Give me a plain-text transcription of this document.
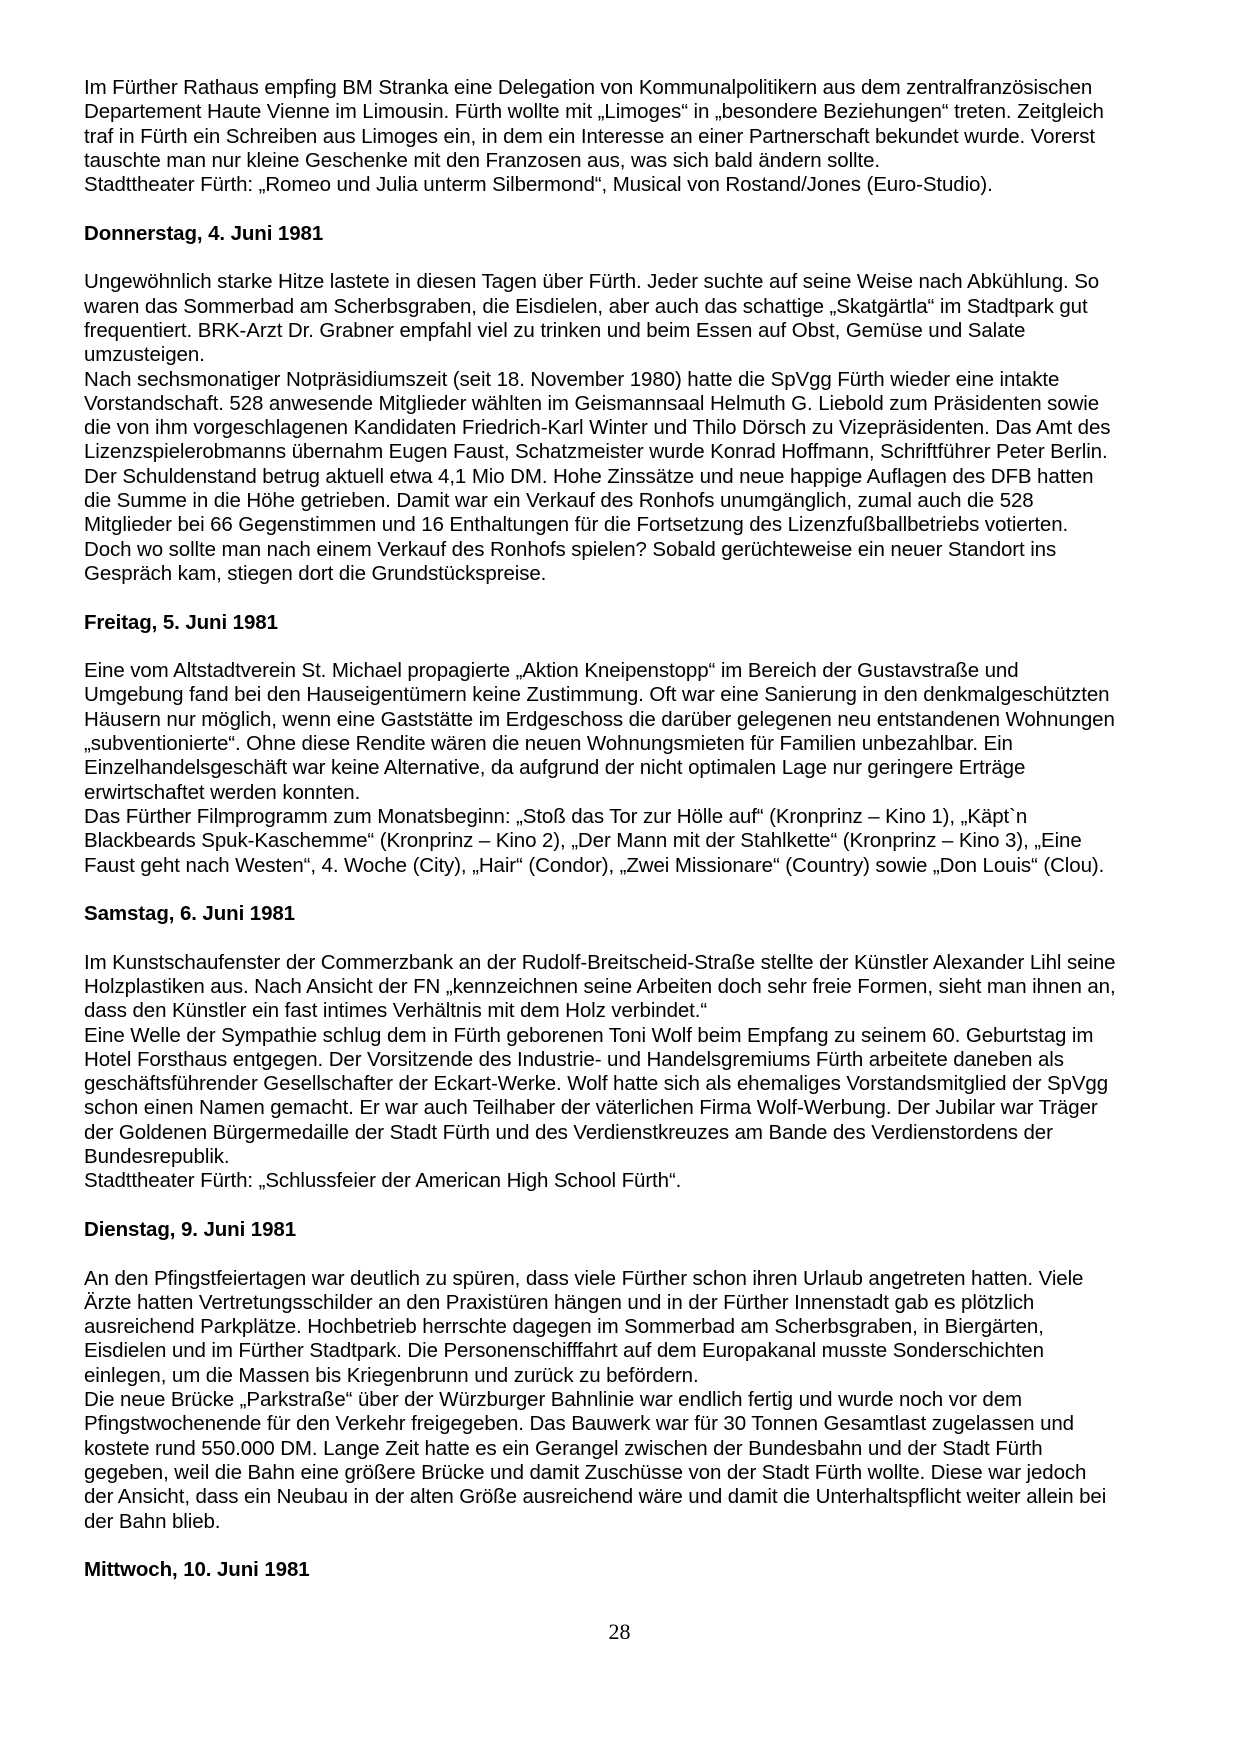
Im Fürther Rathaus empfing BM Stranka eine Delegation von Kommunalpolitikern aus dem zentralfranzösischen
Departement Haute Vienne im Limousin. Fürth wollte mit „Limoges“ in „besondere Beziehungen“ treten. Zeitgleich
traf in Fürth ein Schreiben aus Limoges ein, in dem ein Interesse an einer Partnerschaft bekundet wurde. Vorerst
tauschte man nur kleine Geschenke mit den Franzosen aus, was sich bald ändern sollte.
Stadttheater Fürth: „Romeo und Julia unterm Silbermond“, Musical von Rostand/Jones (Euro-Studio).
Donnerstag, 4. Juni 1981
Ungewöhnlich starke Hitze lastete in diesen Tagen über Fürth. Jeder suchte auf seine Weise nach Abkühlung. So
waren das Sommerbad am Scherbsgraben, die Eisdielen, aber auch das schattige „Skatgärtla“ im Stadtpark gut
frequentiert. BRK-Arzt Dr. Grabner empfahl viel zu trinken und beim Essen auf Obst, Gemüse und Salate
umzusteigen.
Nach sechsmonatiger Notpräsidiumszeit (seit 18. November 1980) hatte die SpVgg Fürth wieder eine intakte
Vorstandschaft. 528 anwesende Mitglieder wählten im Geismannsaal Helmuth G. Liebold zum Präsidenten sowie
die von ihm vorgeschlagenen Kandidaten Friedrich-Karl Winter und Thilo Dörsch zu Vizepräsidenten. Das Amt des
Lizenzspielerobmanns übernahm Eugen Faust, Schatzmeister wurde Konrad Hoffmann, Schriftführer Peter Berlin.
Der Schuldenstand betrug aktuell etwa 4,1 Mio DM. Hohe Zinssätze und neue happige Auflagen des DFB hatten
die Summe in die Höhe getrieben. Damit war ein Verkauf des Ronhofs unumgänglich, zumal auch die 528
Mitglieder bei 66 Gegenstimmen und 16 Enthaltungen für die Fortsetzung des Lizenzfußballbetriebs votierten.
Doch wo sollte man nach einem Verkauf des Ronhofs spielen? Sobald gerüchteweise ein neuer Standort ins
Gespräch kam, stiegen dort die Grundstückspreise.
Freitag, 5. Juni 1981
Eine vom Altstadtverein St. Michael propagierte „Aktion Kneipenstopp“ im Bereich der Gustavstraße und
Umgebung fand bei den Hauseigentümern keine Zustimmung. Oft war eine Sanierung in den denkmalgeschützten
Häusern nur möglich, wenn eine Gaststätte im Erdgeschoss die darüber gelegenen neu entstandenen Wohnungen
„subventionierte“. Ohne diese Rendite wären die neuen Wohnungsmieten für Familien unbezahlbar. Ein
Einzelhandelsgeschäft war keine Alternative, da aufgrund der nicht optimalen Lage nur geringere Erträge
erwirtschaftet werden konnten.
Das Fürther Filmprogramm zum Monatsbeginn: „Stoß das Tor zur Hölle auf“ (Kronprinz – Kino 1), „Käpt`n
Blackbeards Spuk-Kaschemme“ (Kronprinz – Kino 2), „Der Mann mit der Stahlkette“ (Kronprinz – Kino 3), „Eine
Faust geht nach Westen“, 4. Woche (City), „Hair“ (Condor), „Zwei Missionare“ (Country) sowie „Don Louis“ (Clou).
Samstag, 6. Juni 1981
Im Kunstschaufenster der Commerzbank an der Rudolf-Breitscheid-Straße stellte der Künstler Alexander Lihl seine
Holzplastiken aus. Nach Ansicht der FN „kennzeichnen seine Arbeiten doch sehr freie Formen, sieht man ihnen an,
dass den Künstler ein fast intimes Verhältnis mit dem Holz verbindet.“
Eine Welle der Sympathie schlug dem in Fürth geborenen Toni Wolf beim Empfang zu seinem 60. Geburtstag im
Hotel Forsthaus entgegen. Der Vorsitzende des Industrie- und Handelsgremiums Fürth arbeitete daneben als
geschäftsführender Gesellschafter der Eckart-Werke. Wolf hatte sich als ehemaliges Vorstandsmitglied der SpVgg
schon einen Namen gemacht. Er war auch Teilhaber der väterlichen Firma Wolf-Werbung. Der Jubilar war Träger
der Goldenen Bürgermedaille der Stadt Fürth und des Verdienstkreuzes am Bande des Verdienstordens der
Bundesrepublik.
Stadttheater Fürth: „Schlussfeier der American High School Fürth“.
Dienstag, 9. Juni 1981
An den Pfingstfeiertagen war deutlich zu spüren, dass viele Fürther schon ihren Urlaub angetreten hatten. Viele
Ärzte hatten Vertretungsschilder an den Praxistüren hängen und in der Fürther Innenstadt gab es plötzlich
ausreichend Parkplätze. Hochbetrieb herrschte dagegen im Sommerbad am Scherbsgraben, in Biergärten,
Eisdielen und im Fürther Stadtpark. Die Personenschifffahrt auf dem Europakanal musste Sonderschichten
einlegen, um die Massen bis Kriegenbrunn und zurück zu befördern.
Die neue Brücke „Parkstraße“ über der Würzburger Bahnlinie war endlich fertig und wurde noch vor dem
Pfingstwochenende für den Verkehr freigegeben. Das Bauwerk war für 30 Tonnen Gesamtlast zugelassen und
kostete rund 550.000 DM. Lange Zeit hatte es ein Gerangel zwischen der Bundesbahn und der Stadt Fürth
gegeben, weil die Bahn eine größere Brücke und damit Zuschüsse von der Stadt Fürth wollte. Diese war jedoch
der Ansicht, dass ein Neubau in der alten Größe ausreichend wäre und damit die Unterhaltspflicht weiter allein bei
der Bahn blieb.
Mittwoch, 10. Juni 1981
28
